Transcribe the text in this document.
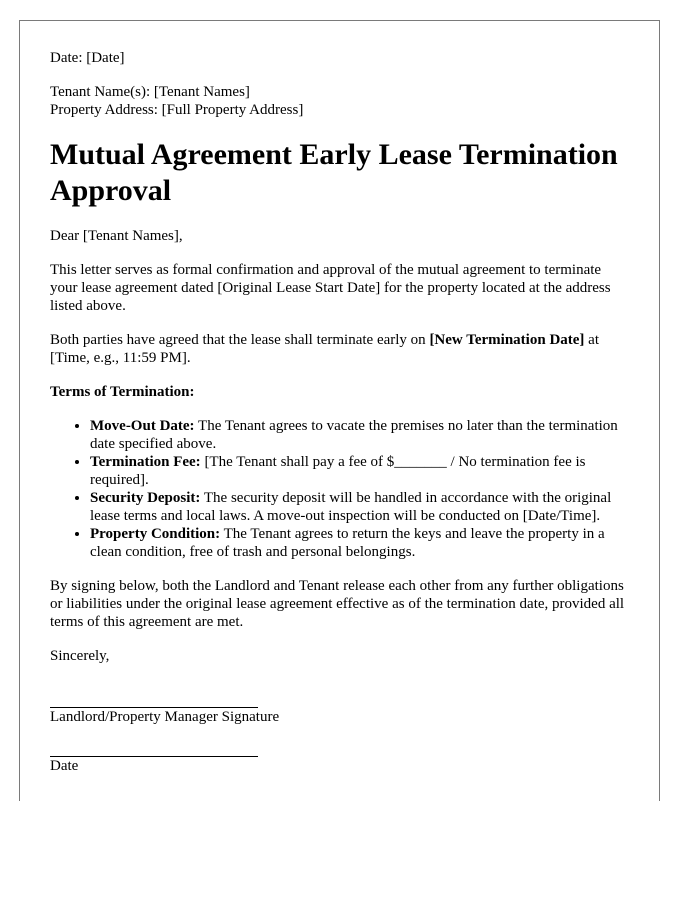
Date: [Date]

Tenant Name(s): [Tenant Names]

Property Address: [Full Property Address]

Mutual Agreement Early Lease Termination Approval

Dear [Tenant Names],

This letter serves as formal confirmation and approval of the mutual agreement to terminate your lease agreement dated [Original Lease Start Date] for the property located at the address listed above.

Both parties have agreed that the lease shall terminate early on [New Termination Date] at [Time, e.g., 11:59 PM].

Terms of Termination:

• Move-Out Date: The Tenant agrees to vacate the premises no later than the termination date specified above.
• Termination Fee: [The Tenant shall pay a fee of $_______ / No termination fee is required].
• Security Deposit: The security deposit will be handled in accordance with the original lease terms and local laws. A move-out inspection will be conducted on [Date/Time].
• Property Condition: The Tenant agrees to return the keys and leave the property in a clean condition, free of trash and personal belongings.

By signing below, both the Landlord and Tenant release each other from any further obligations or liabilities under the original lease agreement effective as of the termination date, provided all terms of this agreement are met.

Sincerely,

Landlord/Property Manager Signature

Date
